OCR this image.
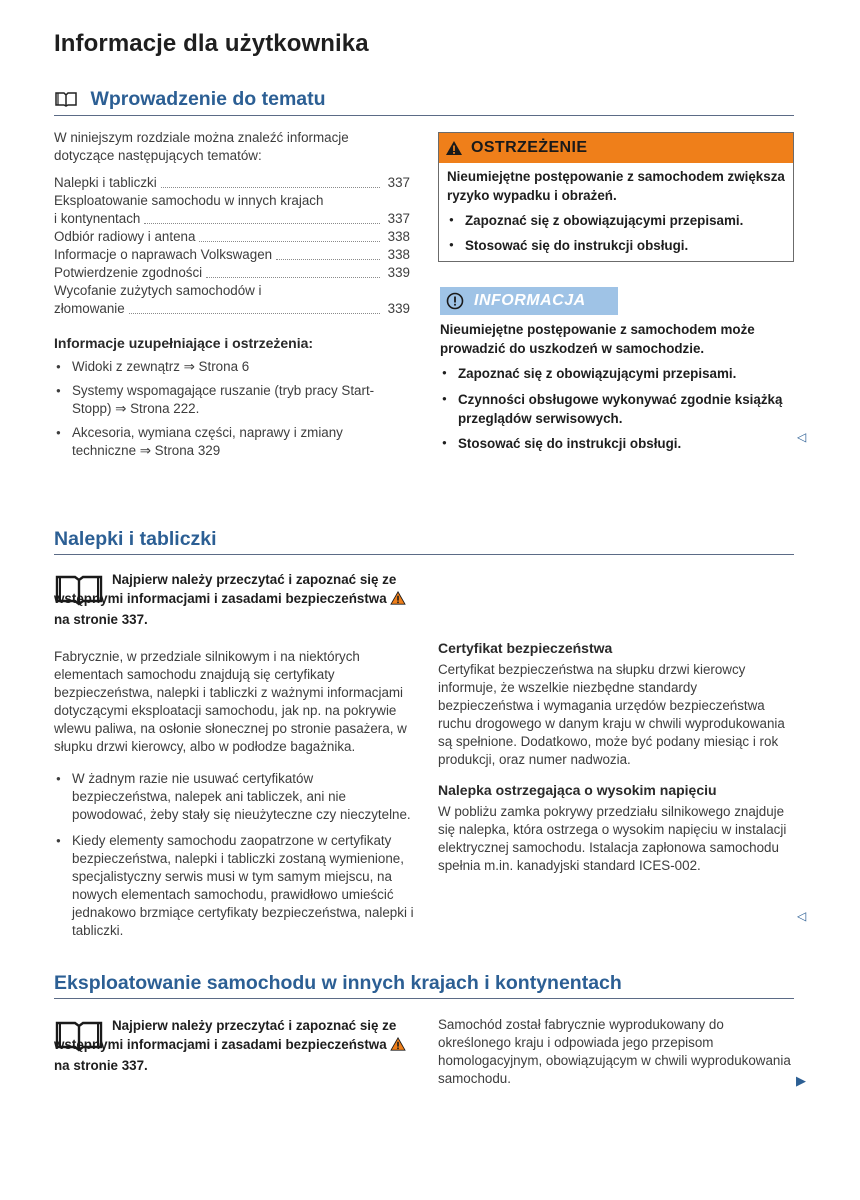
Informacje dla użytkownika
Wprowadzenie do tematu

W niniejszym rozdziale można znaleźć informacje dotyczące następujących tematów:

Nalepki i tabliczki	337
Eksploatowanie samochodu w innych krajach
i kontynentach	337
Odbiór radiowy i antena	338
Informacje o naprawach Volkswagen	338
Potwierdzenie zgodności	339
Wycofanie zużytych samochodów i
złomowanie	339

Informacje uzupełniające i ostrzeżenia:

● Widoki z zewnątrz ⇒ Strona 6

● Systemy wspomagające ruszanie (tryb pracy Start-Stopp) ⇒ Strona 222.

● Akcesoria, wymiana części, naprawy i zmiany techniczne ⇒ Strona 329

OSTRZEŻENIE

Nieumiejętne postępowanie z samochodem zwiększa ryzyko wypadku i obrażeń.

● Zapoznać się z obowiązującymi przepisami.

● Stosować się do instrukcji obsługi.

INFORMACJA

Nieumiejętne postępowanie z samochodem może prowadzić do uszkodzeń w samochodzie.

● Zapoznać się z obowiązującymi przepisami.

● Czynności obsługowe wykonywać zgodnie książką przeglądów serwisowych.

● Stosować się do instrukcji obsługi.	◁
Nalepki i tabliczki
Najpierw należy przeczytać i zapoznać się ze wstępnymi informacjami i zasadami bezpieczeństwa  na stronie 337.

Fabrycznie, w przedziale silnikowym i na niektórych elementach samochodu znajdują się certyfikaty bezpieczeństwa, nalepki i tabliczki z ważnymi informacjami dotyczącymi eksploatacji samochodu, jak np. na pokrywie wlewu paliwa, na osłonie słonecznej po stronie pasażera, w słupku drzwi kierowcy, albo w podłodze bagażnika.

● W żadnym razie nie usuwać certyfikatów bezpieczeństwa, nalepek ani tabliczek, ani nie powodować, żeby stały się nieużyteczne czy nieczytelne.

● Kiedy elementy samochodu zaopatrzone w certyfikaty bezpieczeństwa, nalepki i tabliczki zostaną wymienione, specjalistyczny serwis musi w tym samym miejscu, na nowych elementach samochodu, prawidłowo umieścić jednakowo brzmiące certyfikaty bezpieczeństwa, nalepki i tabliczki.

Certyfikat bezpieczeństwa

Certyfikat bezpieczeństwa na słupku drzwi kierowcy informuje, że wszelkie niezbędne standardy bezpieczeństwa i wymagania urzędów bezpieczeństwa ruchu drogowego w danym kraju w chwili wyprodukowania są spełnione. Dodatkowo, może być podany miesiąc i rok produkcji, oraz numer nadwozia.

Nalepka ostrzegająca o wysokim napięciu

W pobliżu zamka pokrywy przedziału silnikowego znajduje się nalepka, która ostrzega o wysokim napięciu w instalacji elektrycznej samochodu. Istalacja zapłonowa samochodu spełnia m.in. kanadyjski standard ICES-002.

◁
Eksploatowanie samochodu w innych krajach i kontynentach
Najpierw należy przeczytać i zapoznać się ze wstępnymi informacjami i zasadami bezpieczeństwa  na stronie 337.

Samochód został fabrycznie wyprodukowany do określonego kraju i odpowiada jego przepisom homologacyjnym, obowiązującym w chwili wyprodukowania samochodu.	▶
